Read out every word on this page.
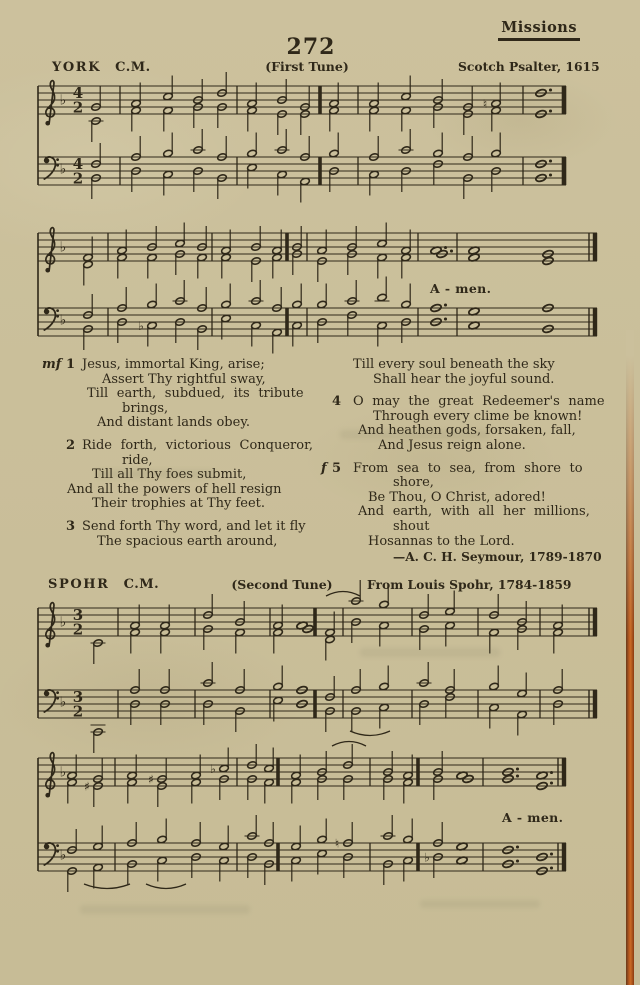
Missions
272
YORK C.M.	(First Tune)	Scotch Psalter, 1615
♭
♭
4
2
4
2
♮
♭
♭	♭
♭
♭
3
2
3
2
♭
♭
♯	♯
♭
♮
♭
A - men.
mf 1 Jesus, immortal King, arise;
Assert Thy rightful sway,
Till earth, subdued, its tribute
brings,
And distant lands obey.
2 Ride forth, victorious Conqueror,
ride,
Till all Thy foes submit,
And all the powers of hell resign
Their trophies at Thy feet.
3 Send forth Thy word, and let it fly
The spacious earth around,
Till every soul beneath the sky
Shall hear the joyful sound.
4 O may the great Redeemer's name
Through every clime be known!
And heathen gods, forsaken, fall,
And Jesus reign alone.
f 5 From sea to sea, from shore to
shore,
Be Thou, O Christ, adored!
And earth, with all her millions,
shout
Hosannas to the Lord.
—A. C. H. Seymour, 1789-1870
SPOHR C.M.	(Second Tune)	From Louis Spohr, 1784-1859
A - men.
